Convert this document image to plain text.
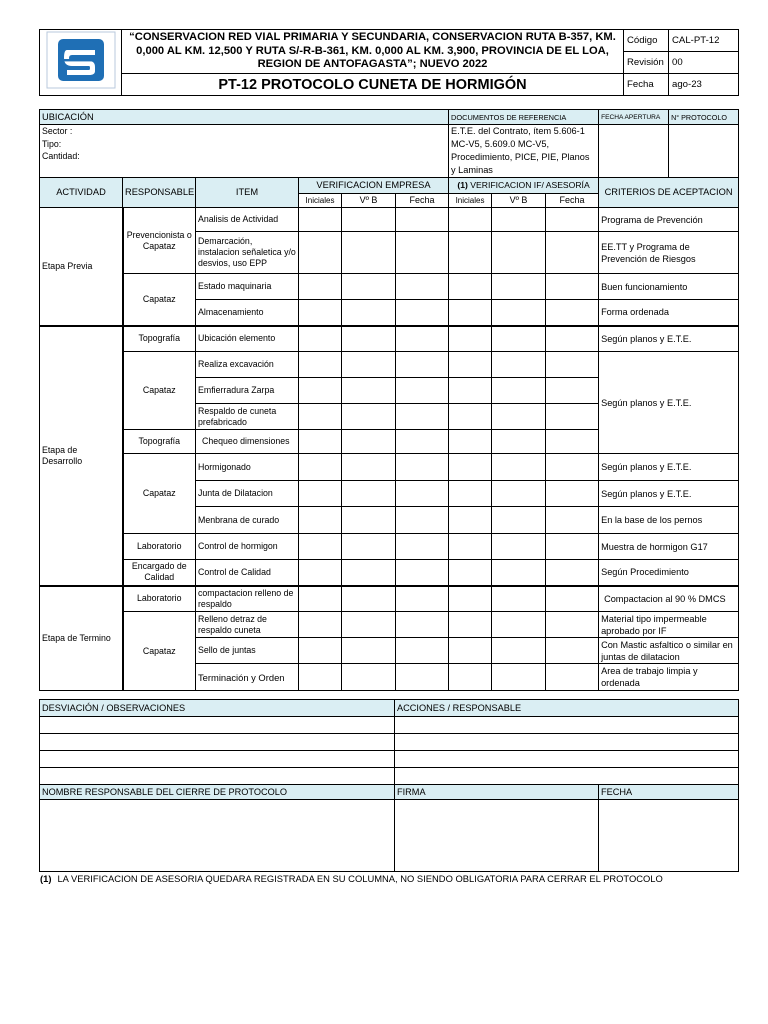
	“CONSERVACION RED VIAL PRIMARIA Y SECUNDARIA, CONSERVACION RUTA B-357, KM. 0,000 AL KM. 12,500 Y RUTA S/-R-B-361, KM. 0,000 AL KM. 3,900, PROVINCIA DE EL LOA, REGION DE ANTOFAGASTA”; NUEVO 2022	Código	CAL-PT-12
		Revisión	00
	PT-12 PROTOCOLO CUNETA DE HORMIGÓN	Fecha	ago-23
UBICACIÓN						DOCUMENTOS DE REFERENCIA			FECHA APERTURA	N° PROTOCOLO

Sector :
Tipo:
Cantidad:						E.T.E. del Contrato, ítem 5.606-1 MC-V5, 5.609.0 MC-V5, Procedimiento, PICE, PIE, Planos y Laminas				
ACTIVIDAD	RESPONSABLE	ITEM	VERIFICACION EMPRESA			(1) VERIFICACION IF/ ASESORÍA			CRITERIOS DE ACEPTACION	
			Iniciales	Vº B	Fecha	Iniciales	Vº B	Fecha		
Etapa Previa	Prevencionista o Capataz	Analisis de Actividad							Programa de Prevención	
		Demarcación, instalacion señaletica y/o desvios, uso EPP							EE.TT y Programa de Prevención de Riesgos	
	Capataz	Estado maquinaria							Buen funcionamiento	
		Almacenamiento							Forma ordenada	
Etapa de Desarrollo	Topografía	Ubicación elemento							Según planos y E.T.E.	
	Capataz	Realiza excavación							Según planos y E.T.E.	
		Emfierradura Zarpa								
		Respaldo de cuneta prefabricado								
	Topografía	Chequeo dimensiones								
	Capataz	Hormigonado							Según planos y E.T.E.	
		Junta de Dilatacion							Según planos y E.T.E.	
		Menbrana de curado							En la base de los pernos	
	Laboratorio	Control de hormigon							Muestra de hormigon G17	
	Encargado de Calidad	Control de Calidad							Según Procedimiento	
Etapa de Termino	Laboratorio	compactacion relleno de respaldo							Compactacion al 90 % DMCS	
	Capataz	Relleno detraz de respaldo cuneta							Material tipo impermeable aprobado por IF	
		Sello de juntas							Con Mastic asfaltico o similar en juntas de dilatacion	
		Terminación y Orden							Area de trabajo limpia y ordenada	
DESVIACIÓN / OBSERVACIONES	ACCIONES / RESPONSABLE	

NOMBRE RESPONSABLE DEL CIERRE DE PROTOCOLO	FIRMA	FECHA

(1) LA VERIFICACION DE ASESORIA QUEDARA REGISTRADA EN SU COLUMNA, NO SIENDO OBLIGATORIA PARA CERRAR EL PROTOCOLO
